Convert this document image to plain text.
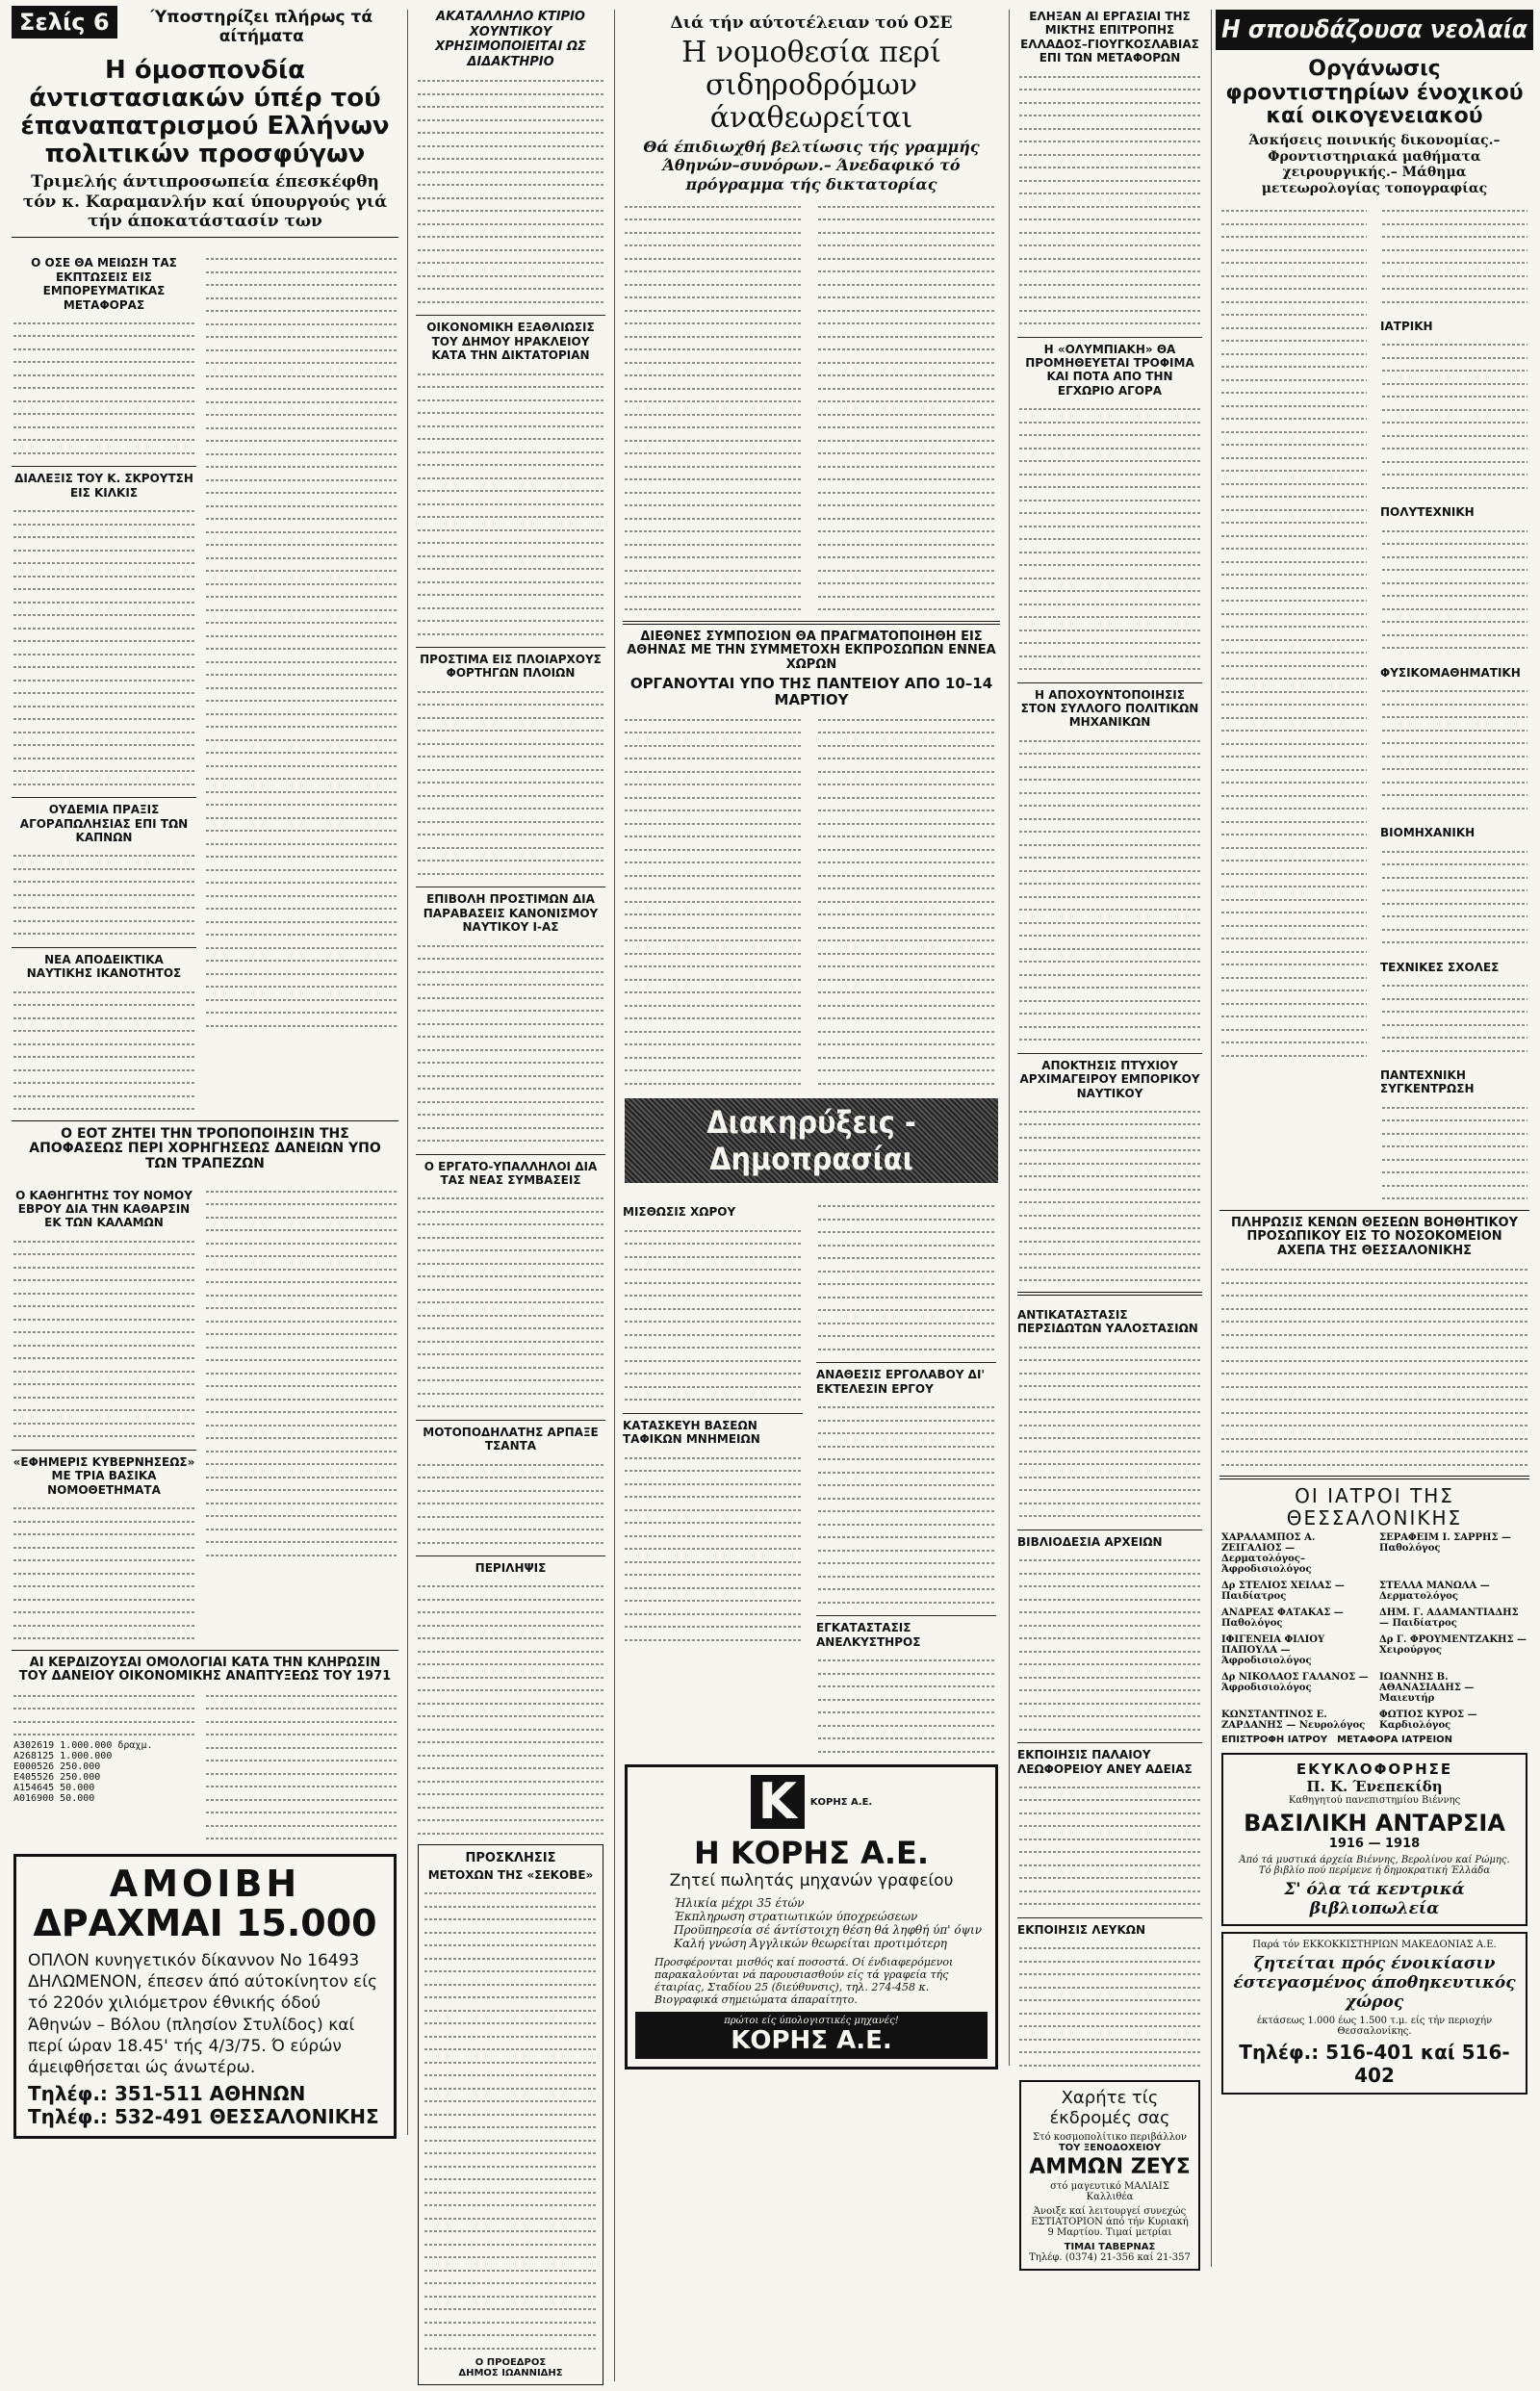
Σελίς 6	Ύποστηρίζει πλήρως τά αίτήματα
Η όμοσπονδία άντιστασιακών ύπέρ τού έπαναπατρισμού Ελλήνων πολιτικών προσφύγων
Τριμελής άντιπροσωπεία έπεσκέφθη τόν κ. Καραμανλήν καί ύπουργούς γιά τήν άποκατάστασίν των
Ο ΟΣΕ ΘΑ ΜΕΙΩΣΗ ΤΑΣ ΕΚΠΤΩΣΕΙΣ ΕΙΣ ΕΜΠΟΡΕΥΜΑΤΙΚΑΣ ΜΕΤΑΦΟΡΑΣ
ΔΙΑΛΕΞΙΣ ΤΟΥ Κ. ΣΚΡΟΥΤΣΗ ΕΙΣ ΚΙΛΚΙΣ
ΟΥΔΕΜΙΑ ΠΡΑΞΙΣ ΑΓΟΡΑΠΩΛΗΣΙΑΣ ΕΠΙ ΤΩΝ ΚΑΠΝΩΝ
ΝΕΑ ΑΠΟΔΕΙΚΤΙΚΑ ΝΑΥΤΙΚΗΣ ΙΚΑΝΟΤΗΤΟΣ
Ο ΕΟΤ ΖΗΤΕΙ ΤΗΝ ΤΡΟΠΟΠΟΙΗΣΙΝ ΤΗΣ ΑΠΟΦΑΣΕΩΣ ΠΕΡΙ ΧΟΡΗΓΗΣΕΩΣ ΔΑΝΕΙΩΝ ΥΠΟ ΤΩΝ ΤΡΑΠΕΖΩΝ
Ο ΚΑΘΗΓΗΤΗΣ ΤΟΥ ΝΟΜΟΥ ΕΒΡΟΥ ΔΙΑ ΤΗΝ ΚΑΘΑΡΣΙΝ ΕΚ ΤΩΝ ΚΑΛΑΜΩΝ
«ΕΦΗΜΕΡΙΣ ΚΥΒΕΡΝΗΣΕΩΣ» ΜΕ ΤΡΙΑ ΒΑΣΙΚΑ ΝΟΜΟΘΕΤΗΜΑΤΑ
ΑΙ ΚΕΡΔΙΖΟΥΣΑΙ ΟΜΟΛΟΓΙΑΙ ΚΑΤΑ ΤΗΝ ΚΛΗΡΩΣΙΝ ΤΟΥ ΔΑΝΕΙΟΥ ΟΙΚΟΝΟΜΙΚΗΣ ΑΝΑΠΤΥΞΕΩΣ ΤΟΥ 1971
Α302619 1.000.000 δραχμ.
Α268125 1.000.000
Ε000526 250.000
Ε405526 250.000
Α154645 50.000
Α016900 50.000
ΑΜΟΙΒΗ
ΔΡΑΧΜΑΙ 15.000
ΟΠΛΟΝ κυνηγετικόν δίκαννον Νο 16493 ΔΗΛΩΜΕΝΟΝ, έπεσεν άπό αύτοκίνητον είς τό 220όν χιλιόμετρον έθνικής όδού Άθηνών – Βόλου (πλησίον Στυλίδος) καί περί ώραν 18.45' τής 4/3/75. Ό εύρών άμειφθήσεται ώς άνωτέρω.
Τηλέφ.: 351-511 ΑΘΗΝΩΝ
Τηλέφ.: 532-491 ΘΕΣΣΑΛΟΝΙΚΗΣ
ΑΚΑΤΑΛΛΗΛΟ ΚΤΙΡΙΟ ΧΟΥΝΤΙΚΟΥ ΧΡΗΣΙΜΟΠΟΙΕΙΤΑΙ ΩΣ ΔΙΔΑΚΤΗΡΙΟ
ΟΙΚΟΝΟΜΙΚΗ ΕΞΑΘΛΙΩΣΙΣ ΤΟΥ ΔΗΜΟΥ ΗΡΑΚΛΕΙΟΥ ΚΑΤΑ ΤΗΝ ΔΙΚΤΑΤΟΡΙΑΝ
ΠΡΟΣΤΙΜΑ ΕΙΣ ΠΛΟΙΑΡΧΟΥΣ ΦΟΡΤΗΓΩΝ ΠΛΟΙΩΝ
ΕΠΙΒΟΛΗ ΠΡΟΣΤΙΜΩΝ ΔΙΑ ΠΑΡΑΒΑΣΕΙΣ ΚΑΝΟΝΙΣΜΟΥ ΝΑΥΤΙΚΟΥ Ι-ΑΣ
Ο ΕΡΓΑΤΟ-ΥΠΑΛΛΗΛΟΙ ΔΙΑ ΤΑΣ ΝΕΑΣ ΣΥΜΒΑΣΕΙΣ
ΜΟΤΟΠΟΔΗΛΑΤΗΣ ΑΡΠΑΞΕ ΤΣΑΝΤΑ
ΠΕΡΙΛΗΨΙΣ
ΠΡΟΣΚΛΗΣΙΣ
ΜΕΤΟΧΩΝ ΤΗΣ «ΣΕΚΟΒΕ»
Ο ΠΡΟΕΔΡΟΣ
ΔΗΜΟΣ ΙΩΑΝΝΙΔΗΣ
Διά τήν αύτοτέλειαν τού ΟΣΕ
Η νομοθεσία περί σιδηροδρόμων άναθεωρείται
Θά έπιδιωχθή βελτίωσις τής γραμμής Άθηνών–συνόρων.– Άνεδαφικό τό πρόγραμμα τής δικτατορίας
ΔΙΕΘΝΕΣ ΣΥΜΠΟΣΙΟΝ ΘΑ ΠΡΑΓΜΑΤΟΠΟΙΗΘΗ ΕΙΣ ΑΘΗΝΑΣ ΜΕ ΤΗΝ ΣΥΜΜΕΤΟΧΗ ΕΚΠΡΟΣΩΠΩΝ ΕΝΝΕΑ ΧΩΡΩΝ
ΟΡΓΑΝΟΥΤΑΙ ΥΠΟ ΤΗΣ ΠΑΝΤΕΙΟΥ ΑΠΟ 10–14 ΜΑΡΤΙΟΥ
Διακηρύξεις - Δημοπρασίαι
ΜΙΣΘΩΣΙΣ ΧΩΡΟΥ
ΚΑΤΑΣΚΕΥΗ ΒΑΣΕΩΝ ΤΑΦΙΚΩΝ ΜΝΗΜΕΙΩΝ
ΑΝΑΘΕΣΙΣ ΕΡΓΟΛΑΒΟΥ ΔΙ' ΕΚΤΕΛΕΣΙΝ ΕΡΓΟΥ
ΕΓΚΑΤΑΣΤΑΣΙΣ ΑΝΕΛΚΥΣΤΗΡΟΣ
K	ΚΟΡΗΣ Α.Ε.
Η ΚΟΡΗΣ Α.Ε.
Ζητεί πωλητάς μηχανών γραφείου
Ήλικία μέχρι 35 έτών
Έκπληρωση στρατιωτικών ύποχρεώσεων
Προϋπηρεσία σέ άντίστοιχη θέση θά ληφθή ύπ' όψιν
Καλή γνώση Άγγλικών θεωρείται προτιμότερη
Προσφέρονται μισθός καί ποσοστά. Οί ένδιαφερόμενοι παρακαλούνται νά παρουσιασθούν είς τά γραφεία τής έταιρίας, Σταδίου 25 (διεύθυνσις), τηλ. 274-458 κ. Βιογραφικά σημειώματα άπαραίτητο.
πρώτοι είς ύπολογιστικές μηχανές!
ΚΟΡΗΣ Α.Ε.
ΕΛΗΞΑΝ ΑΙ ΕΡΓΑΣΙΑΙ ΤΗΣ ΜΙΚΤΗΣ ΕΠΙΤΡΟΠΗΣ ΕΛΛΑΔΟΣ–ΓΙΟΥΓΚΟΣΛΑΒΙΑΣ ΕΠΙ ΤΩΝ ΜΕΤΑΦΟΡΩΝ
Η «ΟΛΥΜΠΙΑΚΗ» ΘΑ ΠΡΟΜΗΘΕΥΕΤΑΙ ΤΡΟΦΙΜΑ ΚΑΙ ΠΟΤΑ ΑΠΟ ΤΗΝ ΕΓΧΩΡΙΟ ΑΓΟΡΑ
Η ΑΠΟΧΟΥΝΤΟΠΟΙΗΣΙΣ ΣΤΟΝ ΣΥΛΛΟΓΟ ΠΟΛΙΤΙΚΩΝ ΜΗΧΑΝΙΚΩΝ
ΑΠΟΚΤΗΣΙΣ ΠΤΥΧΙΟΥ ΑΡΧΙΜΑΓΕΙΡΟΥ ΕΜΠΟΡΙΚΟΥ ΝΑΥΤΙΚΟΥ
ΑΝΤΙΚΑΤΑΣΤΑΣΙΣ ΠΕΡΣΙΔΩΤΩΝ ΥΑΛΟΣΤΑΣΙΩΝ
ΒΙΒΛΙΟΔΕΣΙΑ ΑΡΧΕΙΩΝ
ΕΚΠΟΙΗΣΙΣ ΠΑΛΑΙΟΥ ΛΕΩΦΟΡΕΙΟΥ ΑΝΕΥ ΑΔΕΙΑΣ
ΕΚΠΟΙΗΣΙΣ ΛΕΥΚΩΝ
Χαρήτε τίς έκδρομές σας
Στό κοσμοπολίτικο περιβάλλον
ΤΟΥ ΞΕΝΟΔΟΧΕΙΟΥ
ΑΜΜΩΝ ΖΕΥΣ
στό μαγευτικό ΜΑΛΙΑΙΣ Καλλιθέα
Άνοιξε καί λειτουργεί συνεχώς ΕΣΤΙΑΤΟΡΙΟΝ άπό τήν Κυριακή 9 Μαρτίου. Τιμαί μετρίαι
ΤΙΜΑΙ ΤΑΒΕΡΝΑΣ
Τηλέφ. (0374) 21-356 καί 21-357
Η σπουδάζουσα νεολαία
Οργάνωσις φροντιστηρίων ένοχικού καί οικογενειακού
Άσκήσεις ποινικής δικονομίας.– Φροντιστηριακά μαθήματα χειρουργικής.– Μάθημα μετεωρολογίας τοπογραφίας
ΙΑΤΡΙΚΗ
ΠΟΛΥΤΕΧΝΙΚΗ
ΦΥΣΙΚΟΜΑΘΗΜΑΤΙΚΗ
ΒΙΟΜΗΧΑΝΙΚΗ
ΤΕΧΝΙΚΕΣ ΣΧΟΛΕΣ
ΠΑΝΤΕΧΝΙΚΗ ΣΥΓΚΕΝΤΡΩΣΗ
ΠΛΗΡΩΣΙΣ ΚΕΝΩΝ ΘΕΣΕΩΝ ΒΟΗΘΗΤΙΚΟΥ ΠΡΟΣΩΠΙΚΟΥ ΕΙΣ ΤΟ ΝΟΣΟΚΟΜΕΙΟΝ ΑΧΕΠΑ ΤΗΣ ΘΕΣΣΑΛΟΝΙΚΗΣ
ΟΙ ΙΑΤΡΟΙ ΤΗΣ ΘΕΣΣΑΛΟΝΙΚΗΣ
ΧΑΡΑΛΑΜΠΟΣ Α. ΖΕΙΓΑΛΙΟΣ — Δερματολόγος–Άφροδισιολόγος
ΣΕΡΑΦΕΙΜ Ι. ΣΑΡΡΗΣ — Παθολόγος
Δρ ΣΤΕΛΙΟΣ ΧΕΙΛΑΣ — Παιδίατρος
ΣΤΕΛΛΑ ΜΑΝΩΛΑ — Δερματολόγος
ΑΝΔΡΕΑΣ ΦΑΤΑΚΑΣ — Παθολόγος
ΔΗΜ. Γ. ΑΔΑΜΑΝΤΙΑΔΗΣ — Παιδίατρος
ΙΦΙΓΕΝΕΙΑ ΦΙΛΙΟΥ ΠΑΠΟΥΛΑ — Άφροδισιολόγος
Δρ Γ. ΦΡΟΥΜΕΝΤΖΑΚΗΣ — Χειρούργος
Δρ ΝΙΚΟΛΑΟΣ ΓΑΛΑΝΟΣ — Άφροδισιολόγος
ΙΩΑΝΝΗΣ Β. ΑΘΑΝΑΣΙΑΔΗΣ — Μαιευτήρ
ΚΩΝΣΤΑΝΤΙΝΟΣ Ε. ΖΑΡΔΑΝΗΣ — Νευρολόγος
ΦΩΤΙΟΣ ΚΥΡΟΣ — Καρδιολόγος
ΕΠΙΣΤΡΟΦΗ ΙΑΤΡΟΥ ΜΕΤΑΦΟΡΑ ΙΑΤΡΕΙΟΝ
ΕΚΥΚΛΟΦΟΡΗΣΕ
Π. Κ. Ένεπεκίδη
Καθηγητού πανεπιστημίου Βιέννης
ΒΑΣΙΛΙΚΗ ΑΝΤΑΡΣΙΑ
1916 — 1918
Άπό τά μυστικά άρχεία Βιέννης, Βερολίνου καί Ρώμης. Τό βιβλίο πού περίμενε ή δημοκρατική Έλλάδα
Σ' όλα τά κεντρικά βιβλιοπωλεία
Παρά τόν ΕΚΚΟΚΚΙΣΤΗΡΙΩΝ ΜΑΚΕΔΟΝΙΑΣ Α.Ε.
ζητείται πρός ένοικίασιν έστεγασμένος άποθηκευτικός χώρος
έκτάσεως 1.000 έως 1.500 τ.μ. είς τήν περιοχήν Θεσσαλονίκης.
Τηλέφ.: 516-401 καί 516-402
